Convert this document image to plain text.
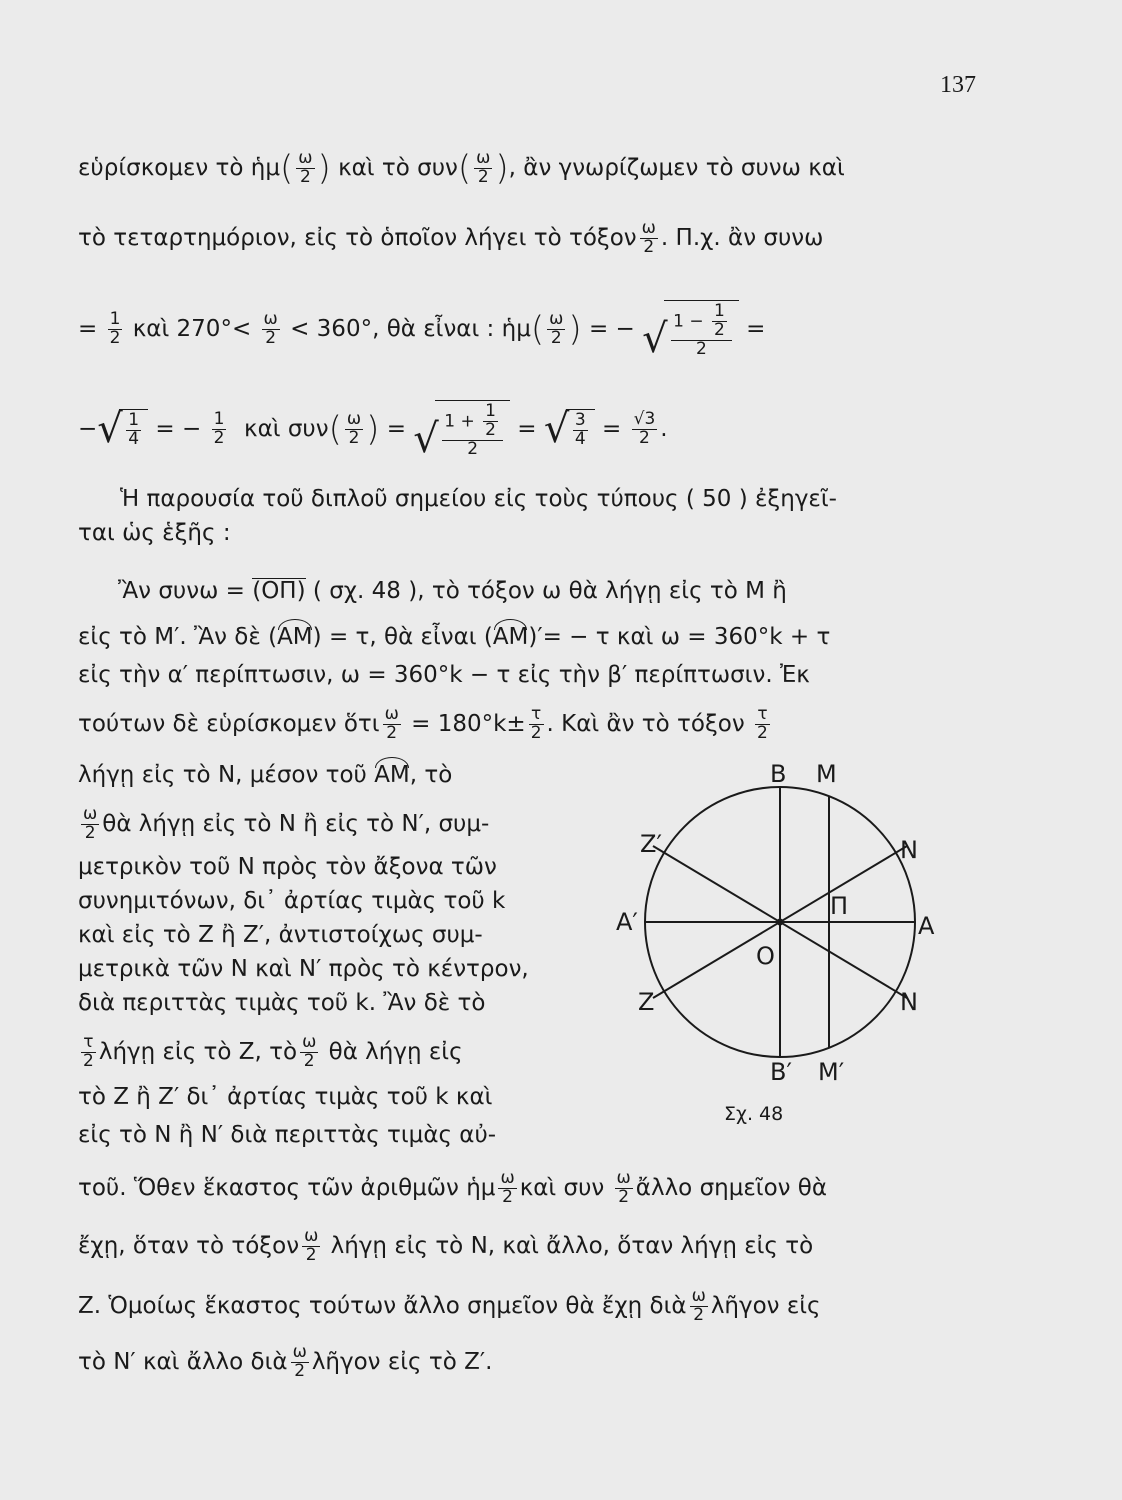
137
εὑρίσκομεν τὸ ἡμ( $\frac{\omega}{2}$ ) καὶ τὸ $\sigma\upsilon\nu( \frac{\omega}{2}$ ), ἂν γνωρίζωμεν τὸ συνω καὶ
τὸ τεταρτημόριον, εἰς τὸ ὁποῖον λήγει τὸ τόξον $\frac{\omega}{2}$ . Π.χ. ἂν συνω
= $\frac{1}{2}$ καὶ $270^\circ< \frac{\omega}{2} < 360^\circ$, θὰ εἶναι : ἡμ( $\frac{\omega}{2}$ ) = − √ $\frac{1 - \frac{1}{2}}{2}$ =
− √ $\frac{1}{4}$ = − $\frac{1}{2}$ καὶ $\sigma\upsilon\nu( \frac{\omega}{2}$ ) = √ $\frac{1 + \frac{1}{2}}{2}$ = √ $\frac{3}{4} = \frac{√3}{2}$ .
Ἡ παρουσία τοῦ διπλοῦ σημείου εἰς τοὺς τύπους ( 50 ) ἐξηγεῖ-
ται ὡς ἑξῆς :
Ἂν συνω = (ΟΠ) ( σχ. 48 ), τὸ τόξον ω θὰ λήγῃ εἰς τὸ Μ ἢ
εἰς τὸ Μ′. Ἂν δὲ (ΑΜ) = τ, θὰ εἶναι (ΑΜ)′= − τ καὶ ω = 360°k + τ
εἰς τὴν α′ περίπτωσιν, ω = 360°k − τ εἰς τὴν β′ περίπτωσιν. Ἐκ
τούτων δὲ εὑρίσκομεν ὅτι $\frac{\omega}{2} = 180^\circ k\pm \frac{\tau}{2}$ . Καὶ ἂν τὸ τόξον $\frac{\tau}{2}$
λήγῃ εἰς τὸ Ν, μέσον τοῦ ΑΜ, τὸ
$\frac{\omega}{2}$ θὰ λήγῃ εἰς τὸ Ν ἢ εἰς τὸ Ν′, συμ-
μετρικὸν τοῦ Ν πρὸς τὸν ἄξονα τῶν
συνημιτόνων, δι᾽ ἀρτίας τιμὰς τοῦ k
καὶ εἰς τὸ Ζ ἢ Ζ′, ἀντιστοίχως συμ-
μετρικὰ τῶν Ν καὶ Ν′ πρὸς τὸ κέντρον,
διὰ περιττὰς τιμὰς τοῦ k. Ἂν δὲ τὸ
$\frac{\tau}{2}$ λήγῃ εἰς τὸ Ζ, τὸ $\frac{\omega}{2}$ θὰ λήγῃ εἰς
τὸ Ζ ἢ Ζ′ δι᾽ ἀρτίας τιμὰς τοῦ k καὶ
εἰς τὸ Ν ἢ Ν′ διὰ περιττὰς τιμὰς αὐ-
τοῦ. Ὅθεν ἕκαστος τῶν ἀριθμῶν ἡμ $\frac{\omega}{2}$ καὶ συν $\frac{\omega}{2}$ ἄλλο σημεῖον θὰ
ἔχῃ, ὅταν τὸ τόξον $\frac{\omega}{2}$ λήγῃ εἰς τὸ Ν, καὶ ἄλλο, ὅταν λήγῃ εἰς τὸ
Ζ. Ὁμοίως ἕκαστος τούτων ἄλλο σημεῖον θὰ ἔχῃ διὰ $\frac{\omega}{2}$ λῆγον εἰς
τὸ Ν′ καὶ ἄλλο διὰ $\frac{\omega}{2}$ λῆγον εἰς τὸ Ζ′.
Β Μ
Ζ′	Ν
Α′
Π
Α
Ο
Ζ	Ν
Β′ Μ′
Σχ. 48
